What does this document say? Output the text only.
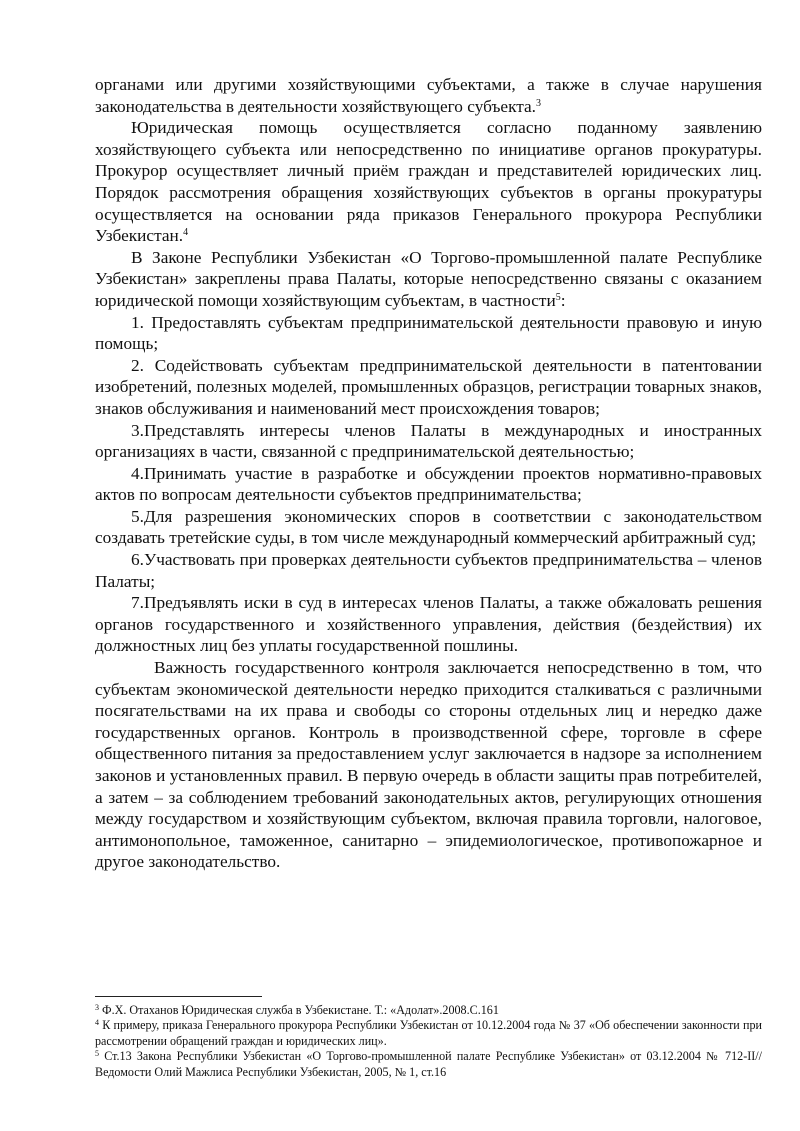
органами или другими хозяйствующими субъектами, а также в случае нарушения законодательства в деятельности хозяйствующего субъекта.$^3$

Юридическая помощь осуществляется согласно поданному заявлению хозяйствующего субъекта или непосредственно по инициативе органов прокуратуры. Прокурор осуществляет личный приём граждан и представителей юридических лиц. Порядок рассмотрения обращения хозяйствующих субъектов в органы прокуратуры осуществляется на основании ряда приказов Генерального прокурора Республики Узбекистан.$^4$

В Законе Республики Узбекистан «О Торгово-промышленной палате Республике Узбекистан» закреплены права Палаты, которые непосредственно связаны с оказанием юридической помощи хозяйствующим субъектам, в частности$^5$:

1. Предоставлять субъектам предпринимательской деятельности правовую и иную помощь;

2. Содействовать субъектам предпринимательской деятельности в патентовании изобретений, полезных моделей, промышленных образцов, регистрации товарных знаков, знаков обслуживания и наименований мест происхождения товаров;

3.Представлять интересы членов Палаты в международных и иностранных организациях в части, связанной с предпринимательской деятельностью;

4.Принимать участие в разработке и обсуждении проектов нормативно-правовых актов по вопросам деятельности субъектов предпринимательства;

5.Для разрешения экономических споров в соответствии с законодательством создавать третейские суды, в том числе международный коммерческий арбитражный суд;

6.Участвовать при проверках деятельности субъектов предпринимательства – членов Палаты;

7.Предъявлять иски в суд в интересах членов Палаты, а также обжаловать решения органов государственного и хозяйственного управления, действия (бездействия) их должностных лиц без уплаты государственной пошлины.

Важность государственного контроля заключается непосредственно в том, что субъектам экономической деятельности нередко приходится сталкиваться с различными посягательствами на их права и свободы со стороны отдельных лиц и нередко даже государственных органов. Контроль в производственной сфере, торговле в сфере общественного питания за предоставлением услуг заключается в надзоре за исполнением законов и установленных правил. В первую очередь в области защиты прав потребителей, а затем – за соблюдением требований законодательных актов, регулирующих отношения между государством и хозяйствующим субъектом, включая правила торговли, налоговое, антимонопольное, таможенное, санитарно – эпидемиологическое, противопожарное и другое законодательство.

$^3$ Ф.Х. Отаханов Юридическая служба в Узбекистане. Т.: «Адолат».2008.С.161

$^4$ К примеру, приказа Генерального прокурора Республики Узбекистан от 10.12.2004 года № 37 «Об обеспечении законности при рассмотрении обращений граждан и юридических лиц».

$^5$ Ст.13 Закона Республики Узбекистан «О Торгово-промышленной палате Республике Узбекистан» от 03.12.2004 № 712-II// Ведомости Олий Мажлиса Республики Узбекистан, 2005, № 1, ст.16
